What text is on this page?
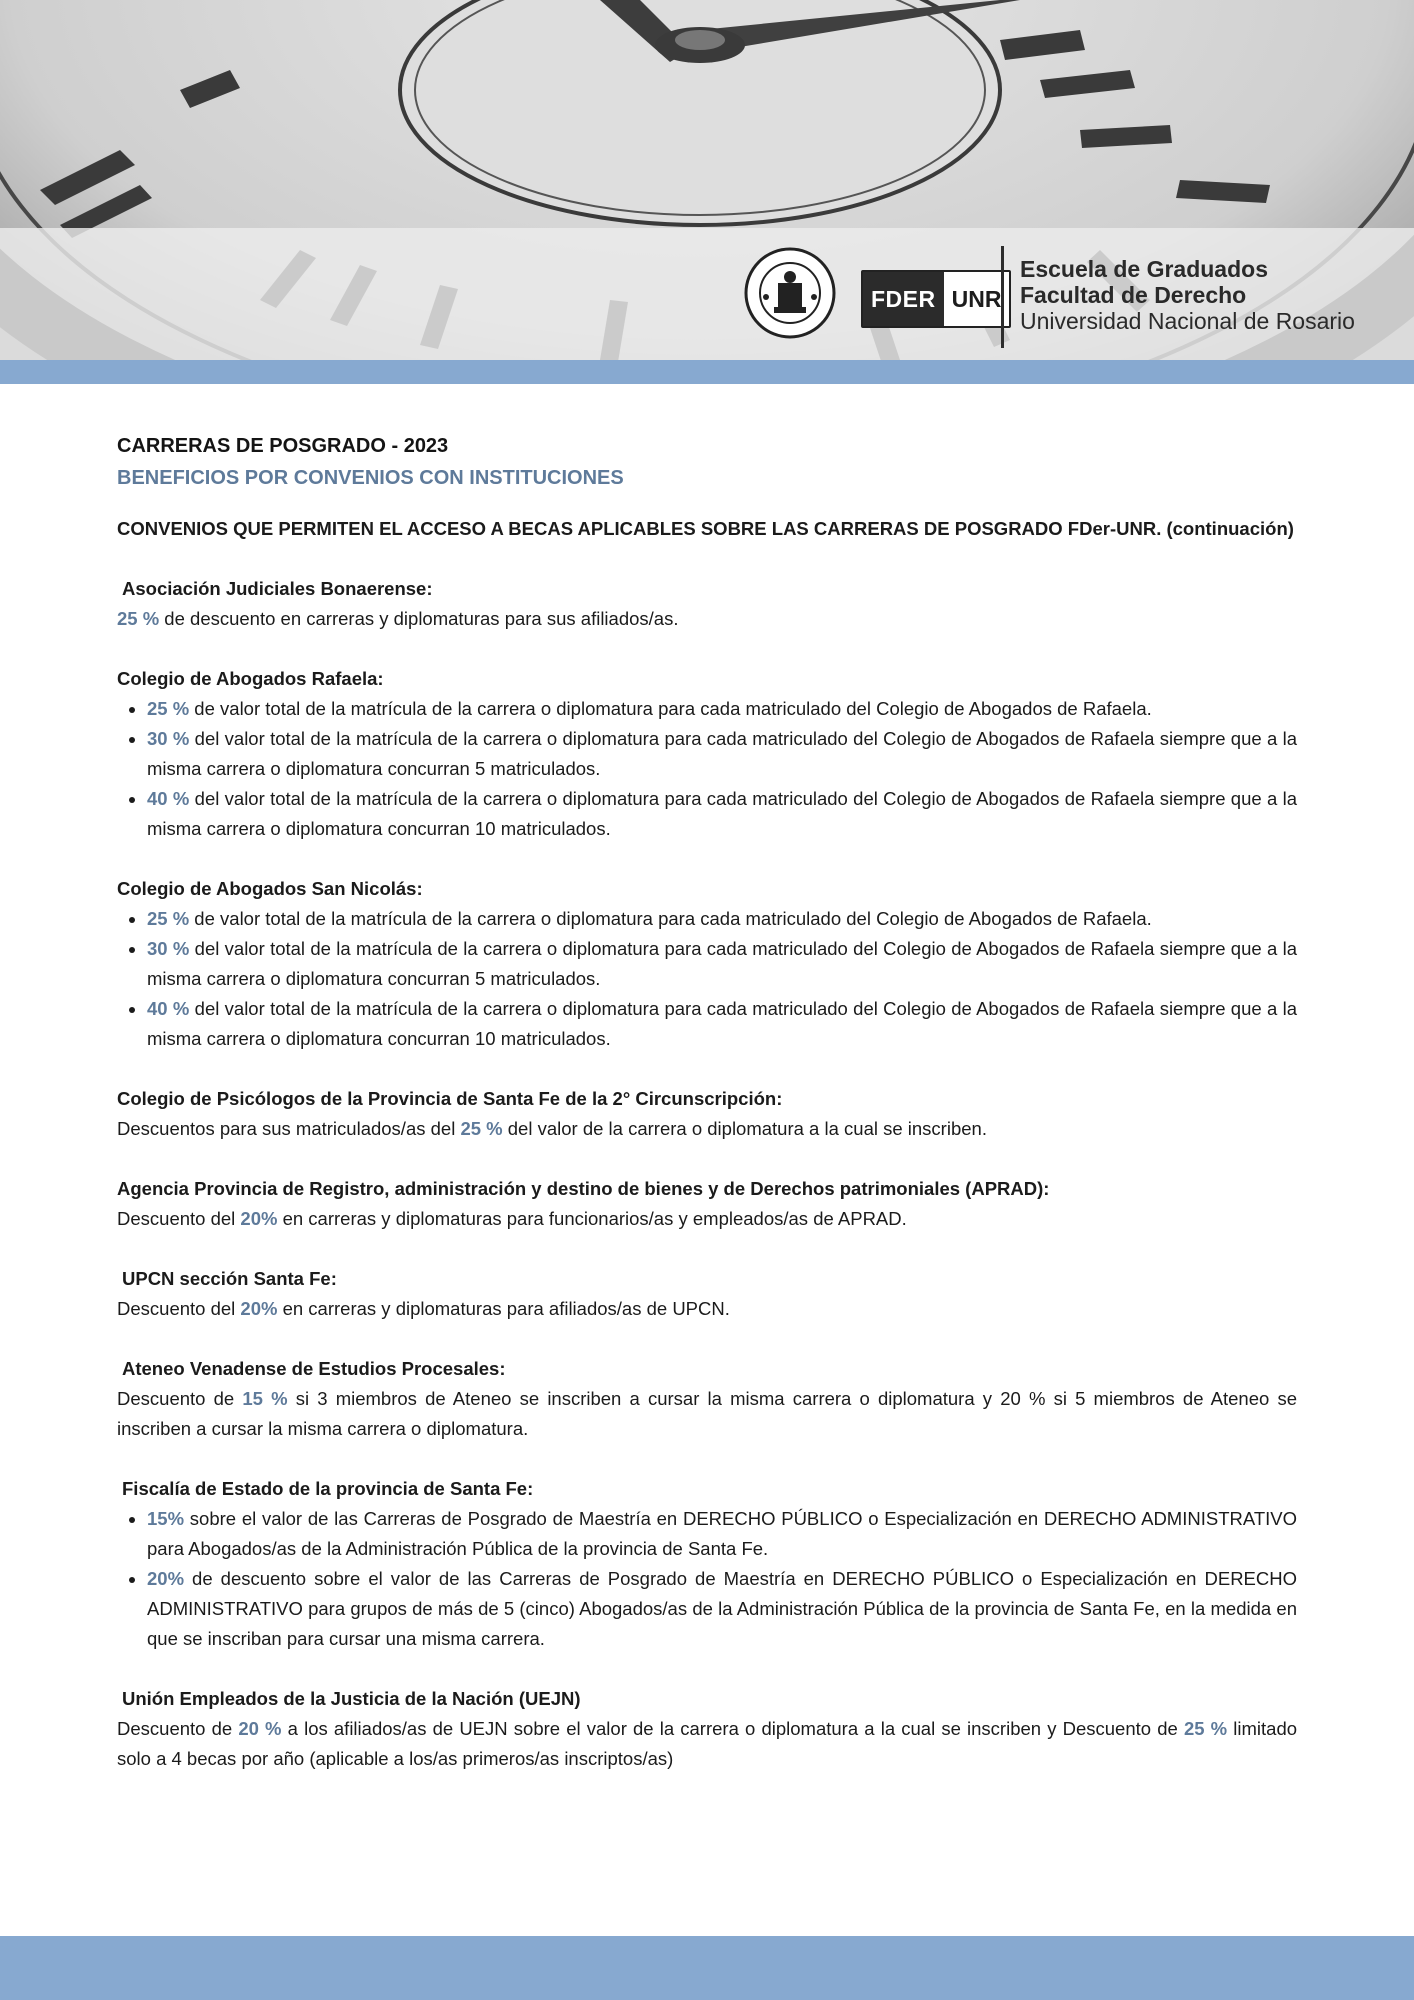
FDER UNR
Escuela de Graduados
Facultad de Derecho
Universidad Nacional de Rosario
CARRERAS DE POSGRADO - 2023
BENEFICIOS POR CONVENIOS CON INSTITUCIONES
CONVENIOS QUE PERMITEN EL ACCESO A BECAS APLICABLES SOBRE LAS CARRERAS DE POSGRADO FDer-UNR. (continuación)
Asociación Judiciales Bonaerense:

25 % de descuento en carreras y diplomaturas para sus afiliados/as.

Colegio de Abogados Rafaela:
• 25 % de valor total de la matrícula de la carrera o diplomatura para cada matriculado del Colegio de Abogados de Rafaela.
• 30 % del valor total de la matrícula de la carrera o diplomatura para cada matriculado del Colegio de Abogados de Rafaela siempre que a la misma carrera o diplomatura concurran 5 matriculados.
• 40 % del valor total de la matrícula de la carrera o diplomatura para cada matriculado del Colegio de Abogados de Rafaela siempre que a la misma carrera o diplomatura concurran 10 matriculados.
Colegio de Abogados San Nicolás:
• 25 % de valor total de la matrícula de la carrera o diplomatura para cada matriculado del Colegio de Abogados de Rafaela.
• 30 % del valor total de la matrícula de la carrera o diplomatura para cada matriculado del Colegio de Abogados de Rafaela siempre que a la misma carrera o diplomatura concurran 5 matriculados.
• 40 % del valor total de la matrícula de la carrera o diplomatura para cada matriculado del Colegio de Abogados de Rafaela siempre que a la misma carrera o diplomatura concurran 10 matriculados.
Colegio de Psicólogos de la Provincia de Santa Fe de la 2° Circunscripción:

Descuentos para sus matriculados/as del 25 % del valor de la carrera o diplomatura a la cual se inscriben.

Agencia Provincia de Registro, administración y destino de bienes y de Derechos patrimoniales (APRAD):

Descuento del 20% en carreras y diplomaturas para funcionarios/as y empleados/as de APRAD.

UPCN sección Santa Fe:

Descuento del 20% en carreras y diplomaturas para afiliados/as de UPCN.

Ateneo Venadense de Estudios Procesales:

Descuento de 15 % si 3 miembros de Ateneo se inscriben a cursar la misma carrera o diplomatura y 20 % si 5 miembros de Ateneo se inscriben a cursar la misma carrera o diplomatura.

Fiscalía de Estado de la provincia de Santa Fe:
• 15% sobre el valor de las Carreras de Posgrado de Maestría en DERECHO PÚBLICO o Especialización en DERECHO ADMINISTRATIVO para Abogados/as de la Administración Pública de la provincia de Santa Fe.
• 20% de descuento sobre el valor de las Carreras de Posgrado de Maestría en DERECHO PÚBLICO o Especialización en DERECHO ADMINISTRATIVO para grupos de más de 5 (cinco) Abogados/as de la Administración Pública de la provincia de Santa Fe, en la medida en que se inscriban para cursar una misma carrera.
Unión Empleados de la Justicia de la Nación (UEJN)

Descuento de 20 % a los afiliados/as de UEJN sobre el valor de la carrera o diplomatura a la cual se inscriben y Descuento de 25 % limitado solo a 4 becas por año (aplicable a los/as primeros/as inscriptos/as)
